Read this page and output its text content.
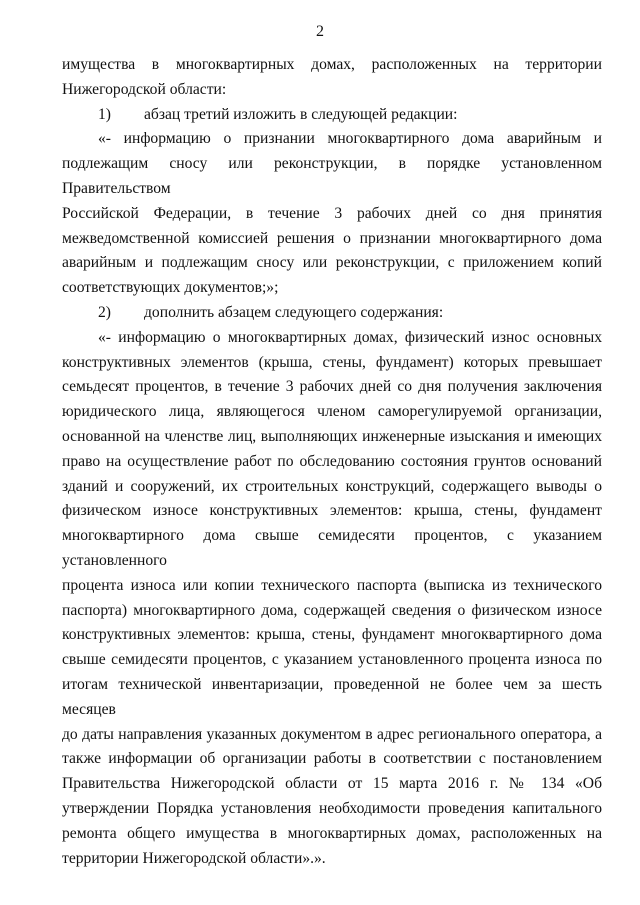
2

имущества в многоквартирных домах, расположенных на территории
Нижегородской области:

1) абзац третий изложить в следующей редакции:

«- информацию о признании многоквартирного дома аварийным и
подлежащим сносу или реконструкции, в порядке установленном Правительством
Российской Федерации, в течение 3 рабочих дней со дня принятия
межведомственной комиссией решения о признании многоквартирного дома
аварийным и подлежащим сносу или реконструкции, с приложением копий
соответствующих документов;»;

2) дополнить абзацем следующего содержания:

«- информацию о многоквартирных домах, физический износ основных
конструктивных элементов (крыша, стены, фундамент) которых превышает
семьдесят процентов, в течение 3 рабочих дней со дня получения заключения
юридического лица, являющегося членом саморегулируемой организации,
основанной на членстве лиц, выполняющих инженерные изыскания и имеющих
право на осуществление работ по обследованию состояния грунтов оснований
зданий и сооружений, их строительных конструкций, содержащего выводы о
физическом износе конструктивных элементов: крыша, стены, фундамент
многоквартирного дома свыше семидесяти процентов, с указанием установленного
процента износа или копии технического паспорта (выписка из технического
паспорта) многоквартирного дома, содержащей сведения о физическом износе
конструктивных элементов: крыша, стены, фундамент многоквартирного дома
свыше семидесяти процентов, с указанием установленного процента износа по
итогам технической инвентаризации, проведенной не более чем за шесть месяцев
до даты направления указанных документом в адрес регионального оператора, а
также информации об организации работы в соответствии с постановлением
Правительства Нижегородской области от 15 марта 2016 г. № 134 «Об
утверждении Порядка установления необходимости проведения капитального
ремонта общего имущества в многоквартирных домах, расположенных на
территории Нижегородской области».».
